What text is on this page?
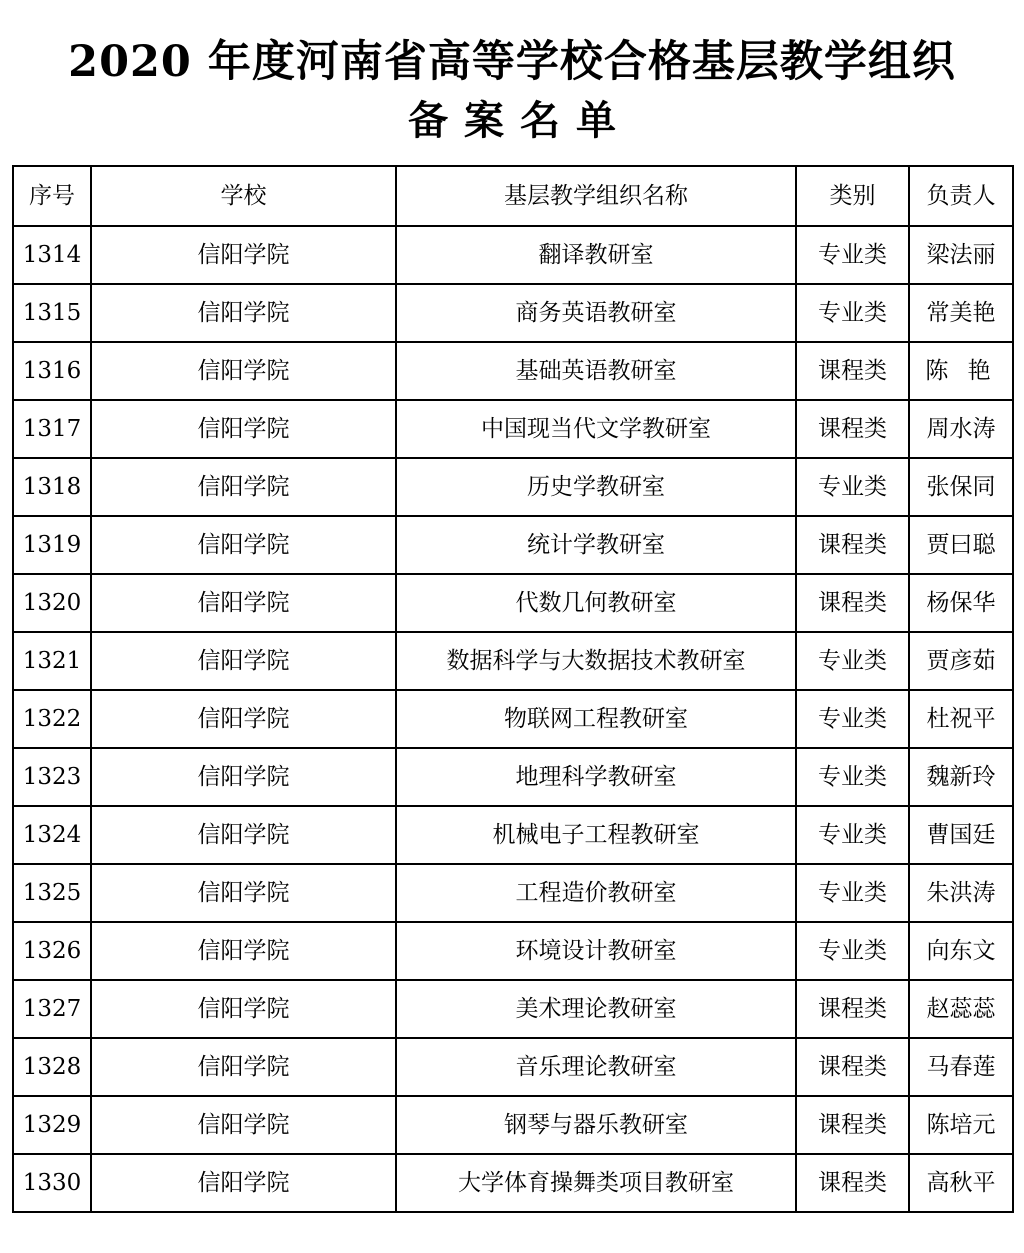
2020 年度河南省高等学校合格基层教学组织
备案名单
序号	学校	基层教学组织名称	类别	负责人
1314	信阳学院	翻译教研室	专业类	梁法丽
1315	信阳学院	商务英语教研室	专业类	常美艳
1316	信阳学院	基础英语教研室	课程类	陈 艳
1317	信阳学院	中国现当代文学教研室	课程类	周水涛
1318	信阳学院	历史学教研室	专业类	张保同
1319	信阳学院	统计学教研室	课程类	贾曰聪
1320	信阳学院	代数几何教研室	课程类	杨保华
1321	信阳学院	数据科学与大数据技术教研室	专业类	贾彦茹
1322	信阳学院	物联网工程教研室	专业类	杜祝平
1323	信阳学院	地理科学教研室	专业类	魏新玲
1324	信阳学院	机械电子工程教研室	专业类	曹国廷
1325	信阳学院	工程造价教研室	专业类	朱洪涛
1326	信阳学院	环境设计教研室	专业类	向东文
1327	信阳学院	美术理论教研室	课程类	赵蕊蕊
1328	信阳学院	音乐理论教研室	课程类	马春莲
1329	信阳学院	钢琴与器乐教研室	课程类	陈培元
1330	信阳学院	大学体育操舞类项目教研室	课程类	高秋平
